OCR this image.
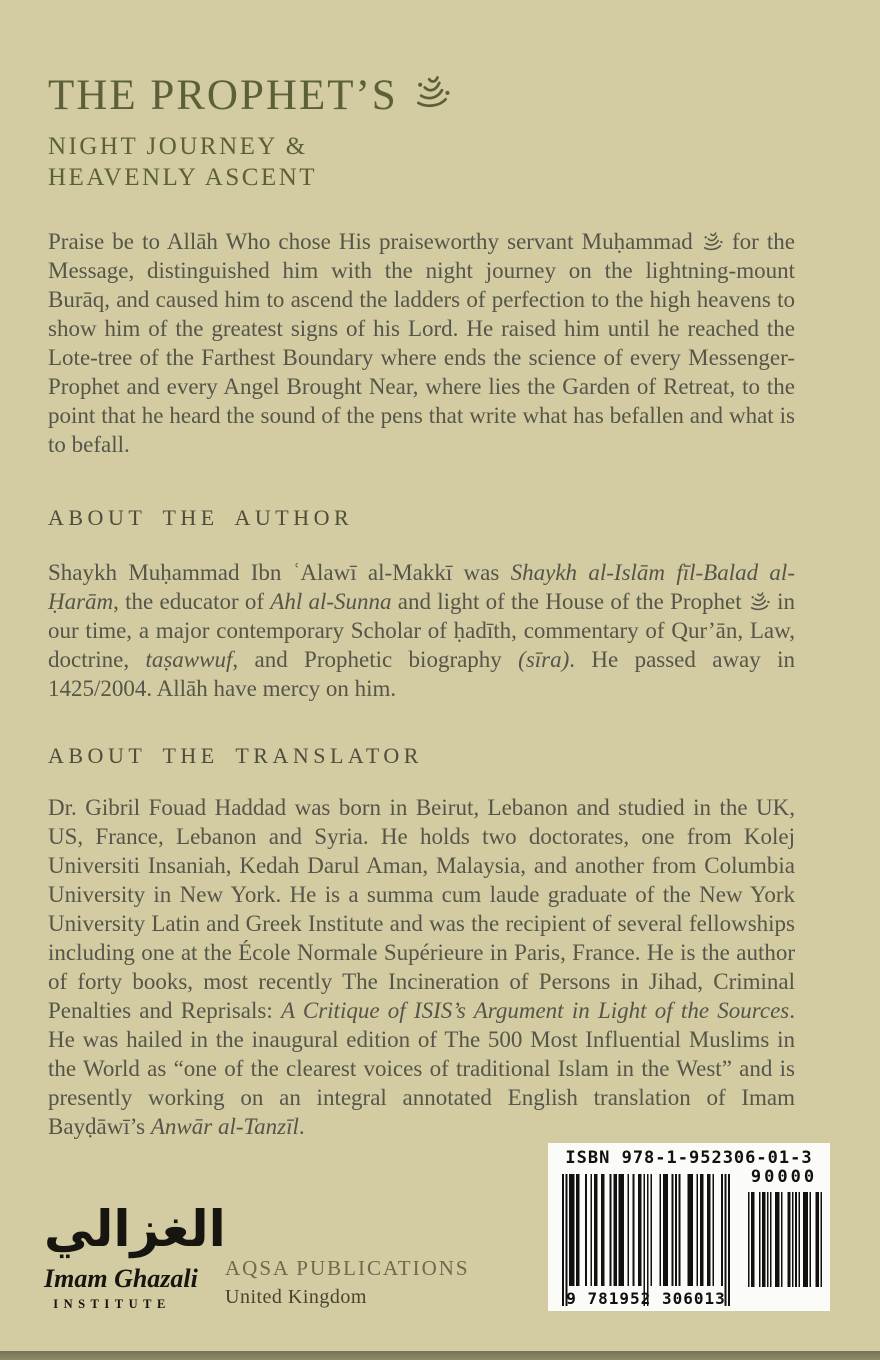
THE PROPHET’S
NIGHT JOURNEY &
HEAVENLY ASCENT

Praise be to Allāh Who chose His praiseworthy servant Muḥammad  for the Message, distinguished him with the night journey on the lightning-mount Burāq, and caused him to ascend the ladders of perfection to the high heavens to show him of the greatest signs of his Lord. He raised him until he reached the Lote-tree of the Farthest Boundary where ends the science of every Messenger-Prophet and every Angel Brought Near, where lies the Garden of Retreat, to the point that he heard the sound of the pens that write what has befallen and what is to befall.

ABOUT THE AUTHOR

Shaykh Muḥammad Ibn ʿAlawī al-Makkī was Shaykh al-Islām fīl-Balad al-Ḥarām, the educator of Ahl al-Sunna and light of the House of the Prophet  in our time, a major contemporary Scholar of ḥadīth, commentary of Qur’ān, Law, doctrine, taṣawwuf, and Prophetic biography (sīra). He passed away in 1425/2004. Allāh have mercy on him.

ABOUT THE TRANSLATOR

Dr. Gibril Fouad Haddad was born in Beirut, Lebanon and studied in the UK, US, France, Lebanon and Syria. He holds two doctorates, one from Kolej Universiti Insaniah, Kedah Darul Aman, Malaysia, and another from Columbia University in New York. He is a summa cum laude graduate of the New York University Latin and Greek Institute and was the recipient of several fellowships including one at the École Normale Supérieure in Paris, France. He is the author of forty books, most recently The Incineration of Persons in Jihad, Criminal Penalties and Reprisals: A Critique of ISIS’s Argument in Light of the Sources. He was hailed in the inaugural edition of The 500 Most Influential Muslims in the World as “one of the clearest voices of traditional Islam in the West” and is presently working on an integral annotated English translation of Imam Bayḍāwī’s Anwār al-Tanzīl.

الغزالي
Imam Ghazali
INSTITUTE
AQSA PUBLICATIONS
United Kingdom
ISBN 978-1-952306-01-3
9 781952 306013
90000
